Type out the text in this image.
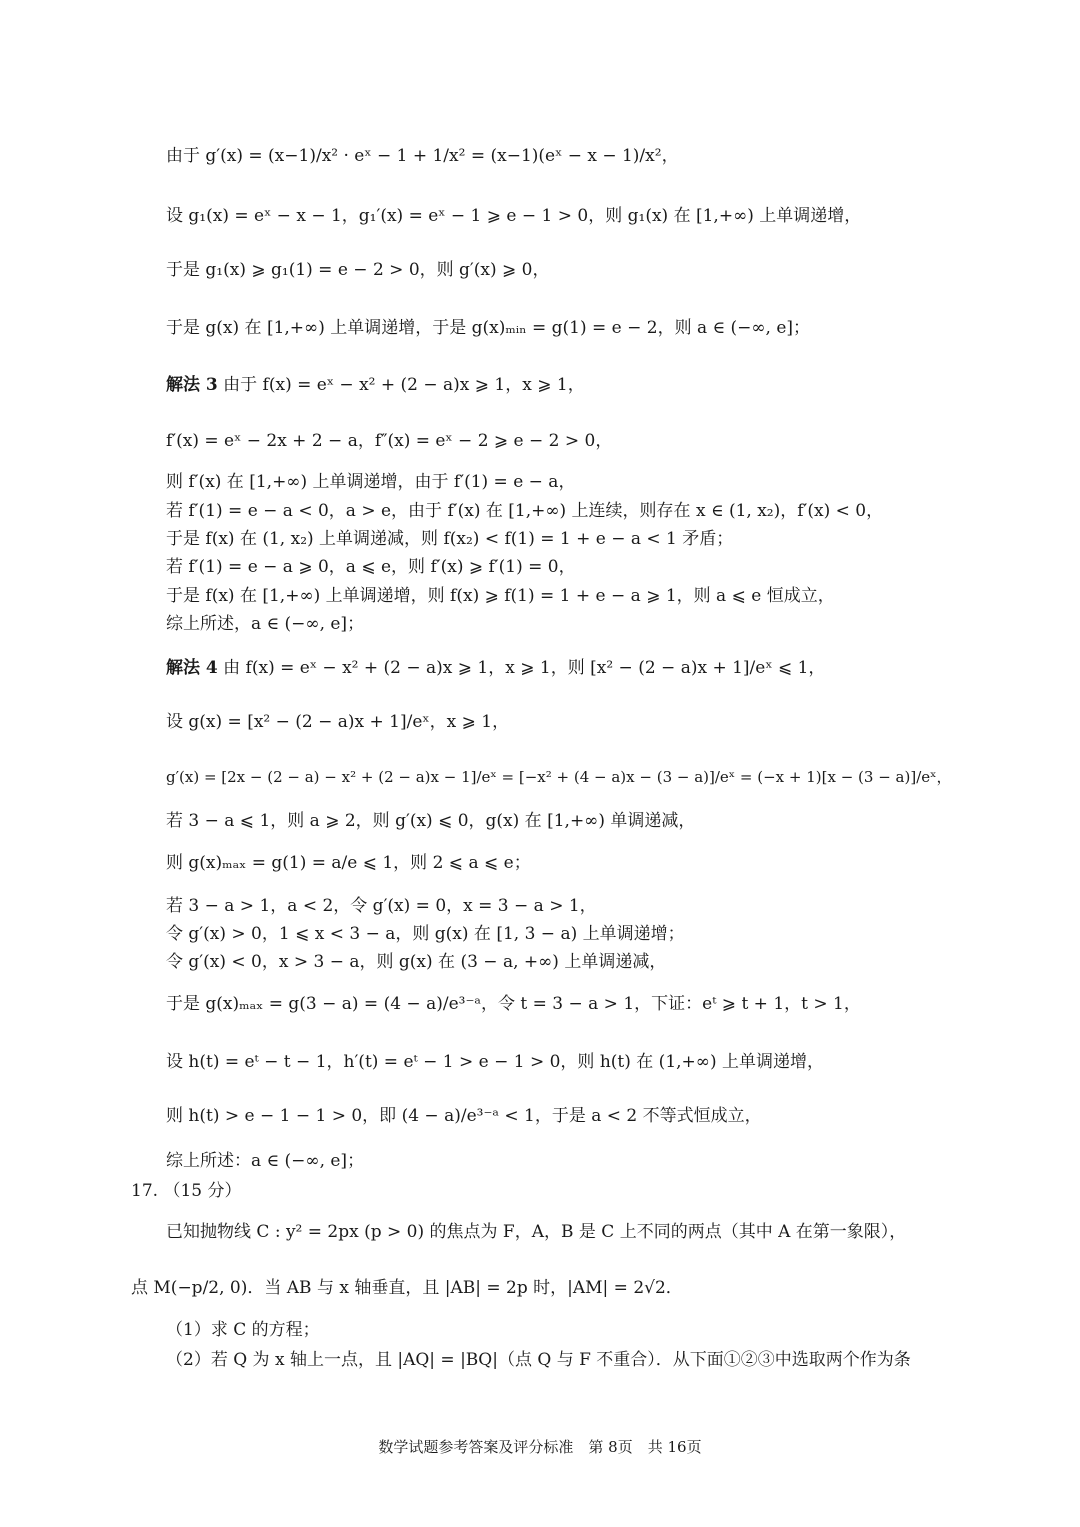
由于 g′(x) = (x−1)/x² · eˣ − 1 + 1/x² = (x−1)(eˣ − x − 1)/x²，
设 g₁(x) = eˣ − x − 1，g₁′(x) = eˣ − 1 ⩾ e − 1 > 0，则 g₁(x) 在 [1,+∞) 上单调递增，
于是 g₁(x) ⩾ g₁(1) = e − 2 > 0，则 g′(x) ⩾ 0，
于是 g(x) 在 [1,+∞) 上单调递增，于是 g(x)ₘᵢₙ = g(1) = e − 2，则 a ∈ (−∞, e]；
解法 3 由于 f(x) = eˣ − x² + (2 − a)x ⩾ 1，x ⩾ 1，
f′(x) = eˣ − 2x + 2 − a，f″(x) = eˣ − 2 ⩾ e − 2 > 0，
则 f′(x) 在 [1,+∞) 上单调递增，由于 f′(1) = e − a，
若 f′(1) = e − a < 0，a > e，由于 f′(x) 在 [1,+∞) 上连续，则存在 x ∈ (1, x₂)，f′(x) < 0，
于是 f(x) 在 (1, x₂) 上单调递减，则 f(x₂) < f(1) = 1 + e − a < 1 矛盾；
若 f′(1) = e − a ⩾ 0，a ⩽ e，则 f′(x) ⩾ f′(1) = 0，
于是 f(x) 在 [1,+∞) 上单调递增，则 f(x) ⩾ f(1) = 1 + e − a ⩾ 1，则 a ⩽ e 恒成立，
综上所述，a ∈ (−∞, e]；
解法 4 由 f(x) = eˣ − x² + (2 − a)x ⩾ 1，x ⩾ 1，则 [x² − (2 − a)x + 1]/eˣ ⩽ 1，
设 g(x) = [x² − (2 − a)x + 1]/eˣ，x ⩾ 1，
g′(x) = [2x − (2 − a) − x² + (2 − a)x − 1]/eˣ = [−x² + (4 − a)x − (3 − a)]/eˣ = (−x + 1)[x − (3 − a)]/eˣ，
若 3 − a ⩽ 1，则 a ⩾ 2，则 g′(x) ⩽ 0，g(x) 在 [1,+∞) 单调递减，
则 g(x)ₘₐₓ = g(1) = a/e ⩽ 1，则 2 ⩽ a ⩽ e；
若 3 − a > 1，a < 2，令 g′(x) = 0，x = 3 − a > 1，
令 g′(x) > 0，1 ⩽ x < 3 − a，则 g(x) 在 [1, 3 − a) 上单调递增；
令 g′(x) < 0，x > 3 − a，则 g(x) 在 (3 − a, +∞) 上单调递减，
于是 g(x)ₘₐₓ = g(3 − a) = (4 − a)/e³⁻ᵃ，令 t = 3 − a > 1，下证：eᵗ ⩾ t + 1，t > 1，
设 h(t) = eᵗ − t − 1，h′(t) = eᵗ − 1 > e − 1 > 0，则 h(t) 在 (1,+∞) 上单调递增，
则 h(t) > e − 1 − 1 > 0，即 (4 − a)/e³⁻ᵃ < 1，于是 a < 2 不等式恒成立，
综上所述：a ∈ (−∞, e]；
17. （15 分）
已知抛物线 C : y² = 2px (p > 0) 的焦点为 F，A，B 是 C 上不同的两点（其中 A 在第一象限），
点 M(−p/2, 0)．当 AB 与 x 轴垂直，且 |AB| = 2p 时，|AM| = 2√2．
（1）求 C 的方程；
（2）若 Q 为 x 轴上一点，且 |AQ| = |BQ|（点 Q 与 F 不重合）．从下面①②③中选取两个作为条
数学试题参考答案及评分标准　第 8页　共 16页
